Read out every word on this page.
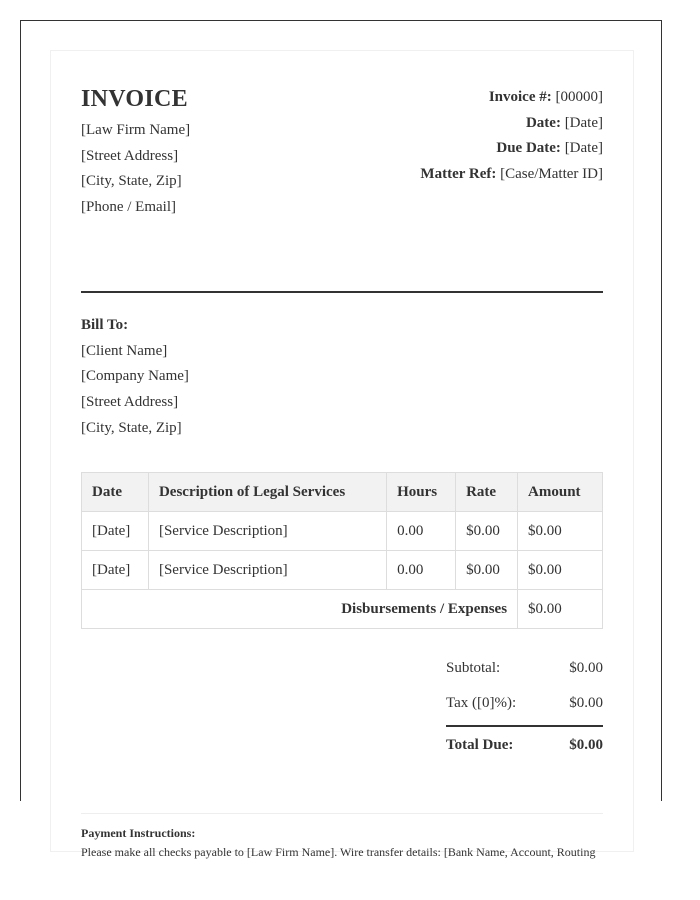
INVOICE
[Law Firm Name]
[Street Address]
[City, State, Zip]
[Phone / Email]
Invoice #: [00000]
Date: [Date]
Due Date: [Date]
Matter Ref: [Case/Matter ID]
Bill To:
[Client Name]
[Company Name]
[Street Address]
[City, State, Zip]
Date	Description of Legal Services	Hours	Rate	Amount
[Date]	[Service Description]	0.00	$0.00	$0.00
[Date]	[Service Description]	0.00	$0.00	$0.00
Disbursements / Expenses				$0.00
Subtotal:	$0.00
Tax ([0]%):	$0.00
Total Due:	$0.00
Payment Instructions:
Please make all checks payable to [Law Firm Name]. Wire transfer details: [Bank Name, Account, Routing
